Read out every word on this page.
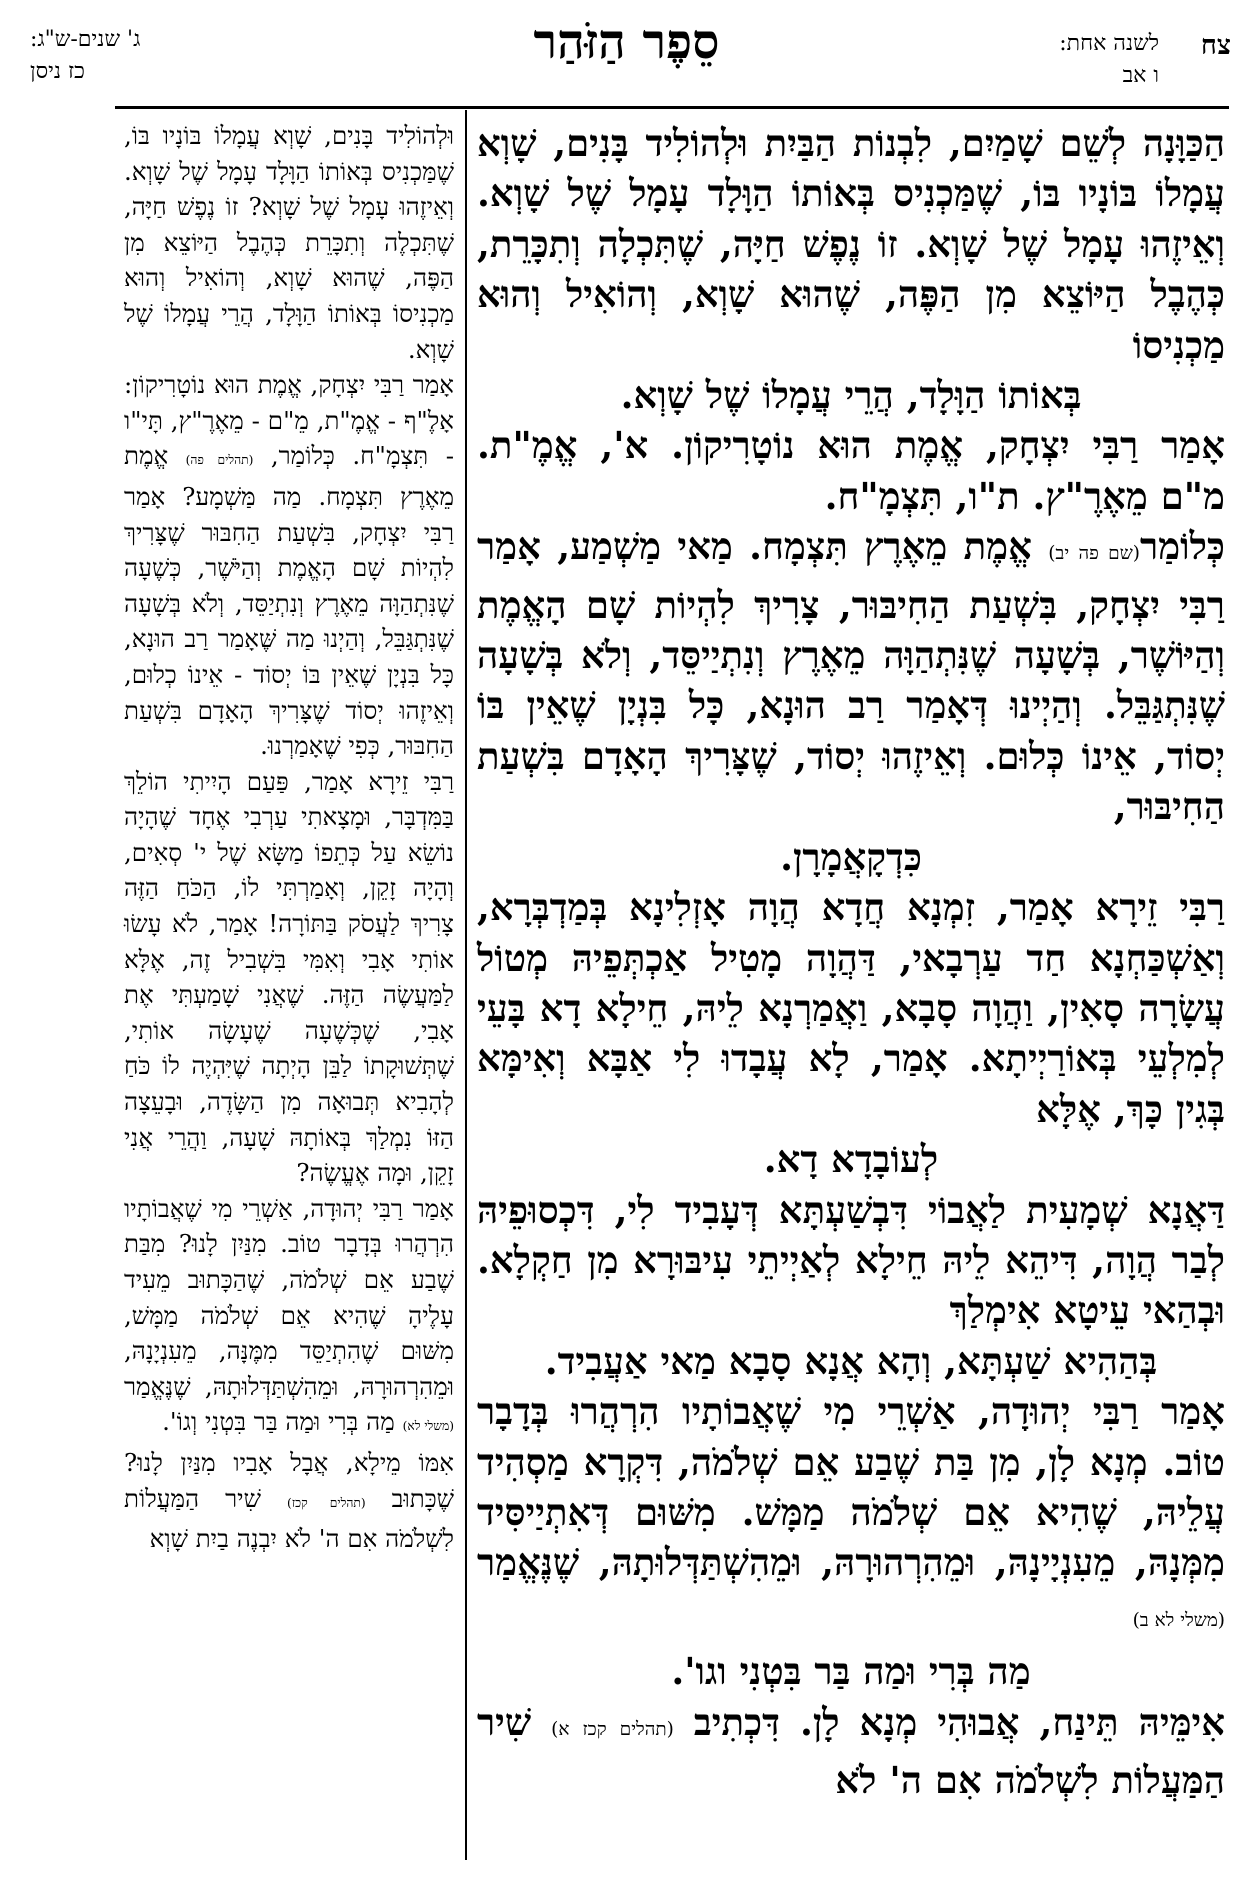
צח
לשנה אחת:
ו אב
סֵפֶר הַזֹּהַר
ג' שנים-ש"ג:
כז ניסן

הַכַּוָּנָה לְשֵׁם שָׁמַיִם, לִבְנוֹת הַבַּיִת וּלְהוֹלִיד בָּנִים, שָׁוְא עֲמָלוֹ בּוֹנָיו בּוֹ, שֶׁמַּכְנִיס בְּאוֹתוֹ הַוָּלָד עָמָל שֶׁל שָׁוְא. וְאֵיזֶהוּ עָמָל שֶׁל שָׁוְא. זוֹ נֶפֶשׁ חַיָּה, שֶׁתִּכְלָה וְתִכָּרֵת, כְּהֶבֶל הַיּוֹצֵא מִן הַפֶּה, שֶׁהוּא שָׁוְא, וְהוֹאִיל וְהוּא מַכְנִיסוֹ

בְּאוֹתוֹ הַוָּלָד, הֲרֵי עֲמָלוֹ שֶׁל שָׁוְא.

אָמַר רַבִּי יִצְחָק, אֱמֶת הוּא נוֹטָרִיקוֹן. א', אֱמֶ"ת. מ"ם מֵאֶרֶ"ץ. ת"ו, תִּצְמָ"ח.

כְּלוֹמַר(שם פה יב) אֱמֶת מֵאֶרֶץ תִּצְמָח. מַאי מַשְׁמַע, אָמַר רַבִּי יִצְחָק, בִּשְׁעַת הַחִיבּוּר, צָרִיךְ לִהְיוֹת שָׁם הָאֱמֶת וְהַיּוֹשֶׁר, בְּשָׁעָה שֶׁנִּתְהַוָּה מֵאֶרֶץ וְנִתְיַיסֵּד, וְלֹא בְּשָׁעָה שֶׁנִּתְגַּבֵּל. וְהַיְינוּ דְּאָמַר רַב הוּנָא, כָּל בִּנְיָן שֶׁאֵין בּוֹ יְסוֹד, אֵינוֹ כְּלוּם. וְאֵיזֶהוּ יְסוֹד, שֶׁצָּרִיךְ הָאָדָם בִּשְׁעַת הַחִיבּוּר,

כִּדְקָאֲמָרָן.

רַבִּי זֵירָא אָמַר, זִמְנָא חֲדָא הֲוָה אָזְלִינָא בְּמַדְבְּרָא, וְאַשְׁכַּחְנָא חַד עַרְבָאי, דַּהֲוָה מָטִיל אַכְתְּפֵיהּ מְטוֹל עֲשָׂרָה סָאִין, וַהֲוָה סָבָא, וַאֲמַרְנָא לֵיהּ, חֵילָא דָא בָּעֵי לְמִלְעֵי בְּאוֹרַיְיתָא. אָמַר, לָא עֲבָדוּ לִי אַבָּא וְאִימָּא בְּגִין כָּךְ, אֶלָּא

לְעוֹבָדָא דָא.

דַּאֲנָא שְׁמָעִית לַאֲבוֹי דִּבְשַׁעְתָּא דְּעָבִיד לִי, דִּכְסוּפֵיהּ לְבַר הֲוָה, דִּיהֵא לֵיהּ חֵילָא לְאַיְיתֵי עִיבּוּרָא מִן חַקְלָא. וּבְהַאי עֵיטָא אִימְלַךְ

בְּהַהִיא שַׁעְתָּא, וְהָא אֲנָא סָבָא מַאי אַעֲבִיד.

אָמַר רַבִּי יְהוּדָה, אַשְׁרֵי מִי שֶׁאֲבוֹתָיו הִרְהֲרוּ בְּדָבָר טוֹב. מְנָא לָן, מִן בַּת שֶׁבַע אֵם שְׁלֹמֹה, דִּקְרָא מַסְהִיד עֲלֵיהּ, שֶׁהִיא אֵם שְׁלֹמֹה מַמָּשׁ. מִשּׁוּם דְּאִתְיַיסִּיד מִמְּנָהּ, מֵעִנְיָינָהּ, וּמֵהִרְהוּרָהּ, וּמֵהִשְׁתַּדְּלוּתָהּ, שֶׁנֶּאֱמַר (משלי לא ב)

מַה בְּרִי וּמַה בַּר בִּטְנִי וגו'.

אִימֵּיהּ תֵּינַח, אֲבוּהִי מְנָא לָן. דִּכְתִיב (תהלים קכז א) שִׁיר הַמַּעֲלוֹת לִשְׁלֹמֹה אִם ה' לֹא

וּלְהוֹלִיד בָּנִים, שָׁוְא עֲמָלוֹ בּוֹנָיו בּוֹ, שֶׁמַּכְנִיס בְּאוֹתוֹ הַוָּלָד עָמָל שֶׁל שָׁוְא. וְאֵיזֶהוּ עָמָל שֶׁל שָׁוְא? זוֹ נֶפֶשׁ חַיָּה, שֶׁתִּכְלֶה וְתִכָּרֵת כְּהֶבֶל הַיּוֹצֵא מִן הַפֶּה, שֶׁהוּא שָׁוְא, וְהוֹאִיל וְהוּא מַכְנִיסוֹ בְּאוֹתוֹ הַוָּלָד, הֲרֵי עֲמָלוֹ שֶׁל שָׁוְא.

אָמַר רַבִּי יִצְחָק, אֱמֶת הוּא נוֹטָרִיקוֹן: אָלֶ"ף - אֱמֶ"ת, מֵ"ם - מֵאֶרֶ"ץ, תָּי"ו - תִּצְמָ"ח. כְּלוֹמַר, (תהלים פה) אֱמֶת מֵאֶרֶץ תִּצְמָח. מַה מַּשְׁמָע? אָמַר רַבִּי יִצְחָק, בִּשְׁעַת הַחִבּוּר שֶׁצָּרִיךְ לִהְיוֹת שָׁם הָאֱמֶת וְהַיֹּשֶׁר, כְּשֶׁעָה שֶׁנִּתְהַוָּה מֵאֶרֶץ וְנִתְיַסֵּד, וְלֹא בְּשָׁעָה שֶׁנִּתְגַּבֵּל, וְהַיְנוּ מַה שֶּׁאָמַר רַב הוּנָא, כָּל בִּנְיָן שֶׁאֵין בּוֹ יְסוֹד - אֵינוֹ כְלוּם, וְאֵיזֶהוּ יְסוֹד שֶׁצָּרִיךְ הָאָדָם בִּשְׁעַת הַחִבּוּר, כְּפִי שֶׁאָמַרְנוּ.

רַבִּי זֵירָא אָמַר, פַּעַם הָיִיתִי הוֹלֵךְ בַּמִּדְבָּר, וּמָצָאתִי עַרְבִי אֶחָד שֶׁהָיָה נוֹשֵׂא עַל כְּתֵפוֹ מַשָּׂא שֶׁל י' סְאִים, וְהָיָה זָקֵן, וְאָמַרְתִּי לוֹ, הַכֹּחַ הַזֶּה צָרִיךְ לַעֲסֹק בַּתּוֹרָה! אָמַר, לֹא עָשׂוּ אוֹתִי אָבִי וְאִמִּי בִּשְׁבִיל זֶה, אֶלָּא לַמַּעֲשֶׂה הַזֶּה. שֶׁאֲנִי שָׁמַעְתִּי אֶת אָבִי, שֶׁכְּשֶׁעָה שֶׁעָשָׂה אוֹתִי, שֶׁתְּשׁוּקָתוֹ לַבֵּן הָיְתָה שֶׁיִּהְיֶה לוֹ כֹּחַ לְהָבִיא תְּבוּאָה מִן הַשָּׂדֶה, וּבָעֵצָה הַזּוֹ נִמְלַךְ בְּאוֹתָהּ שָׁעָה, וַהֲרֵי אֲנִי זָקֵן, וּמָה אֶעֱשֶׂה?

אָמַר רַבִּי יְהוּדָה, אַשְׁרֵי מִי שֶׁאֲבוֹתָיו הִרְהֲרוּ בְּדָבָר טוֹב. מִנַּיִן לָנוּ? מִבַּת שֶׁבַע אֵם שְׁלֹמֹה, שֶׁהַכָּתוּב מֵעִיד עָלֶיהָ שֶׁהִיא אֵם שְׁלֹמֹה מַמָּשׁ, מִשּׁוּם שֶׁהִתְיַסֵּד מִמֶּנָּה, מֵעִנְיָנָהּ, וּמֵהִרְהוּרָהּ, וּמֵהִשְׁתַּדְּלוּתָהּ, שֶׁנֶּאֱמַר (משלי לא) מַה בְּרִי וּמַה בַּר בִּטְנִי וְגוֹ'.

אִמּוֹ מֵילָא, אֲבָל אָבִיו מִנַּיִן לָנוּ? שֶׁכָּתוּב (תהלים קכז) שִׁיר הַמַּעֲלוֹת לִשְׁלֹמֹה אִם ה' לֹא יִבְנֶה בַיִת שָׁוְא
